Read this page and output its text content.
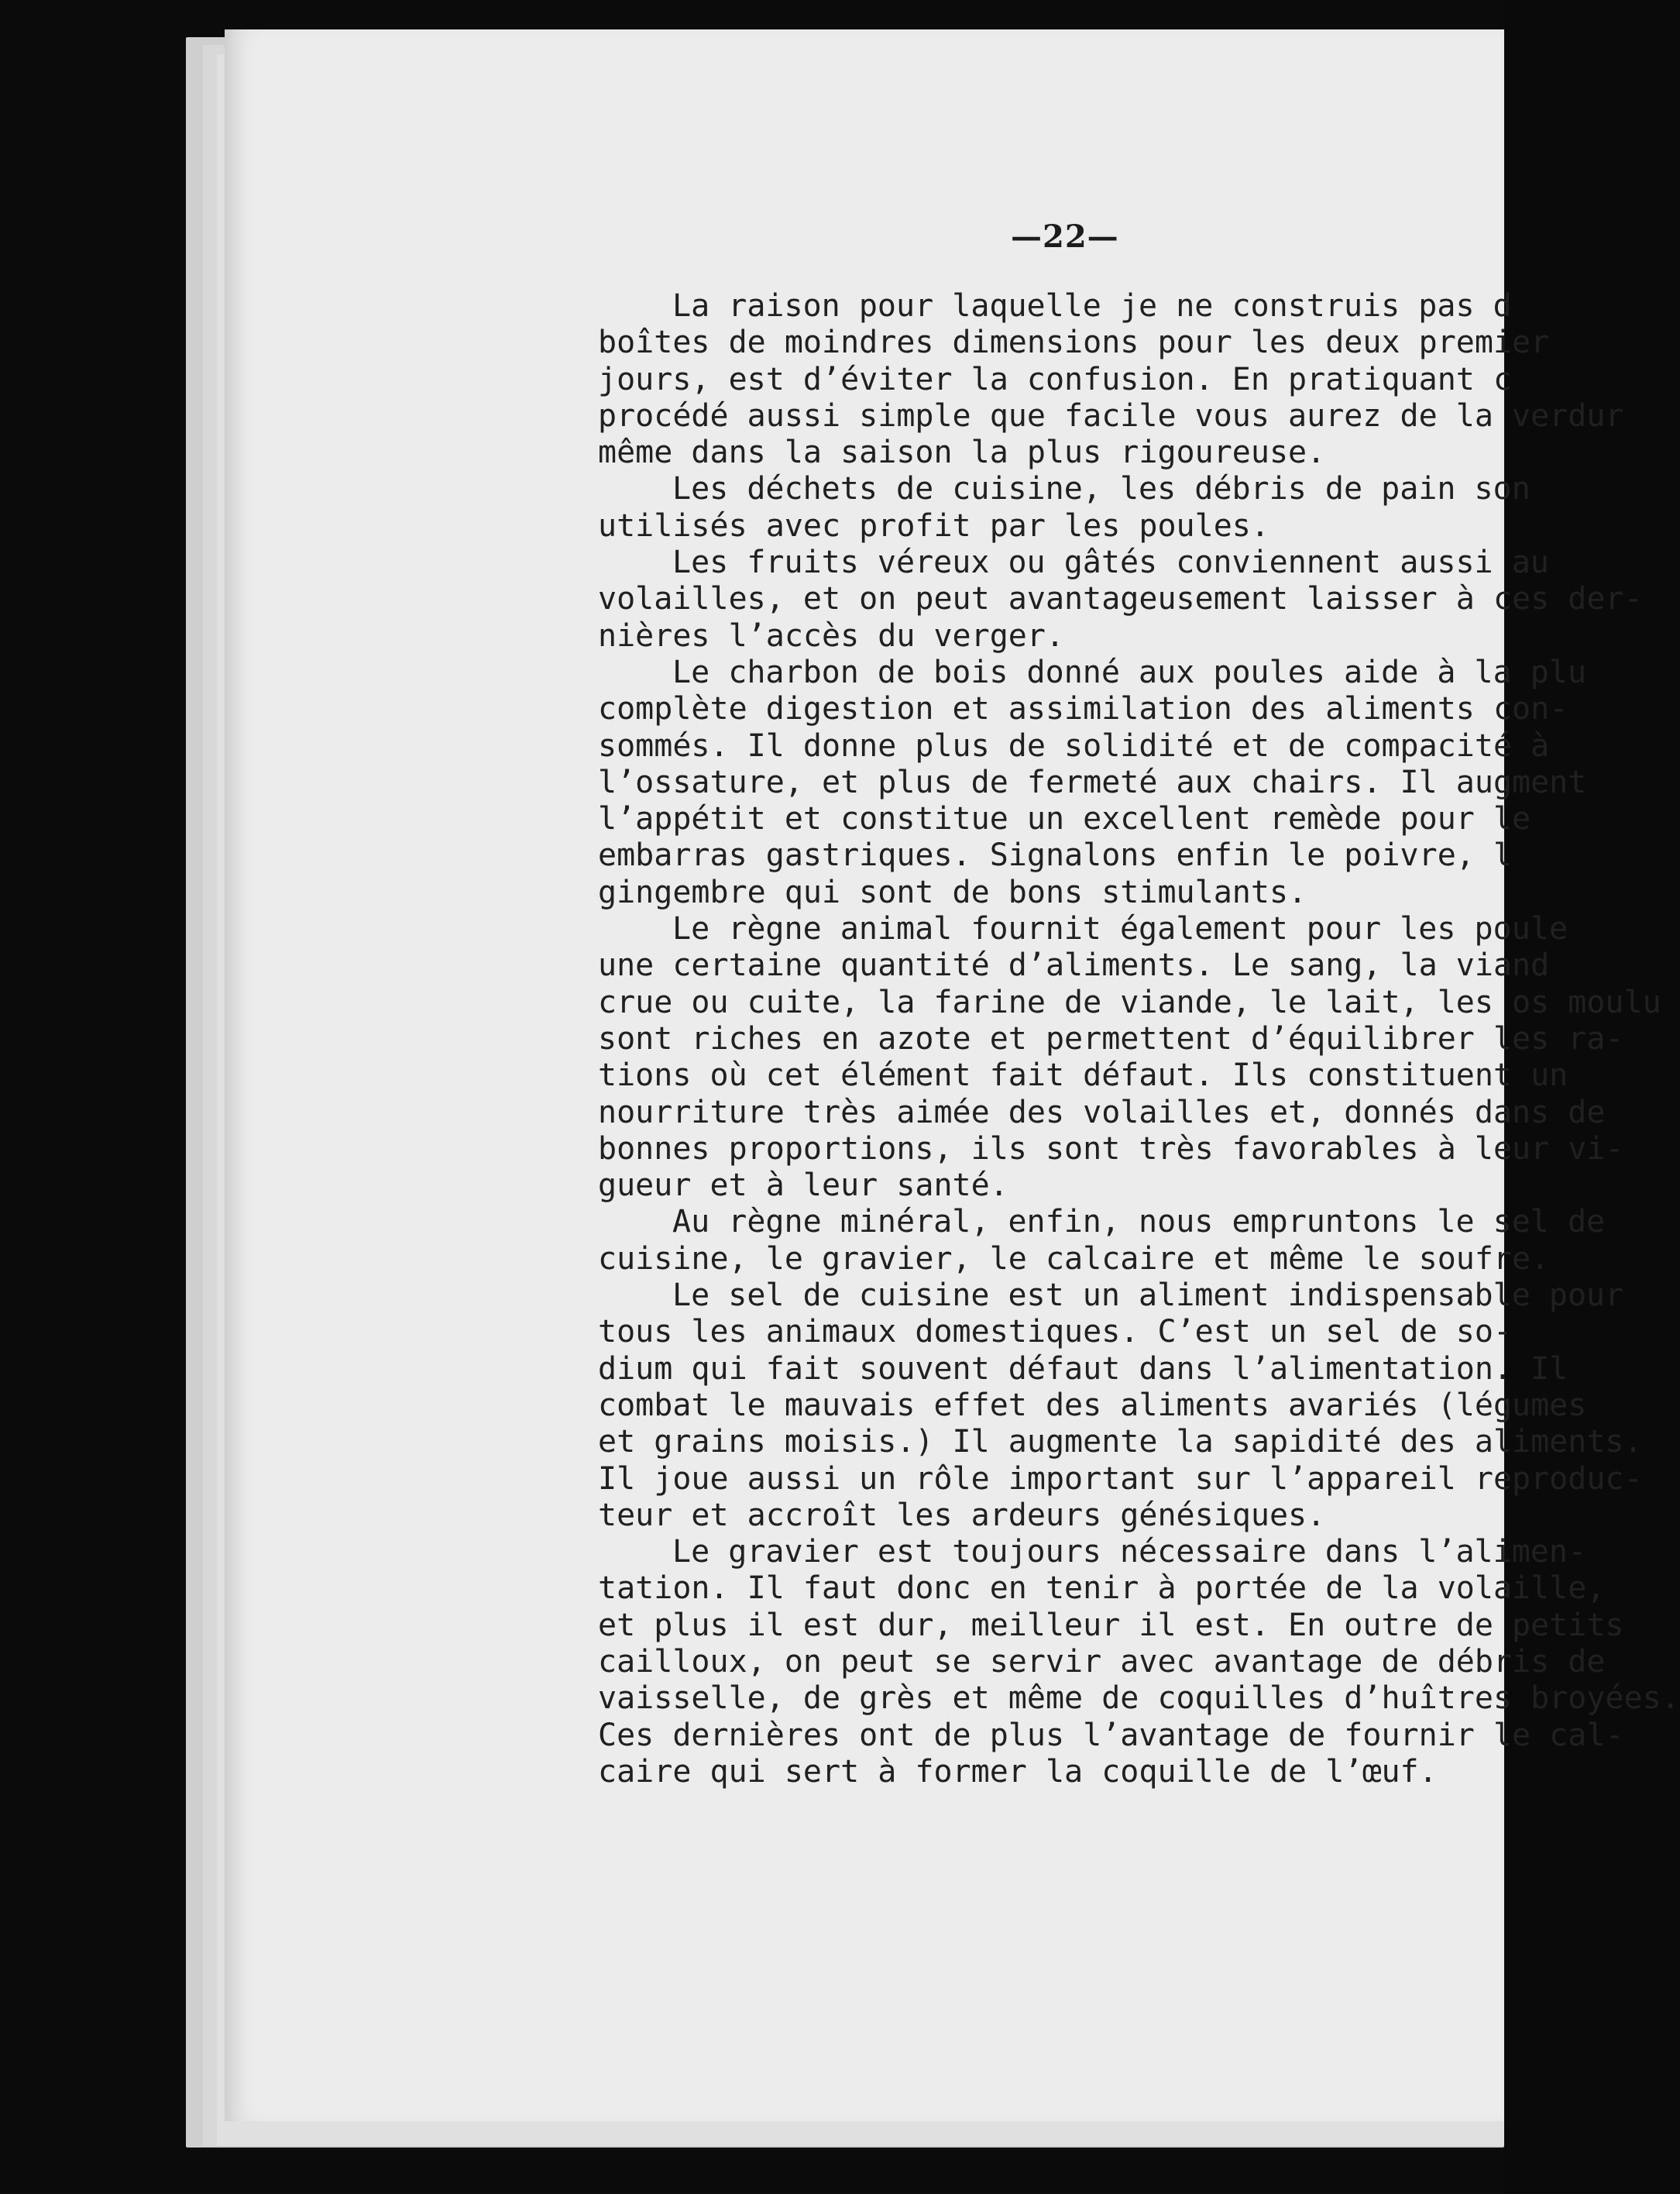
—22—
La raison pour laquelle je ne construis pas d
boîtes de moindres dimensions pour les deux premier
jours, est d’éviter la confusion. En pratiquant c
procédé aussi simple que facile vous aurez de la verdur
même dans la saison la plus rigoureuse.
Les déchets de cuisine, les débris de pain son
utilisés avec profit par les poules.
Les fruits véreux ou gâtés conviennent aussi au
volailles, et on peut avantageusement laisser à ces der-
nières l’accès du verger.
Le charbon de bois donné aux poules aide à la plu
complète digestion et assimilation des aliments con-
sommés. Il donne plus de solidité et de compacité à
l’ossature, et plus de fermeté aux chairs. Il augment
l’appétit et constitue un excellent remède pour le
embarras gastriques. Signalons enfin le poivre, l
gingembre qui sont de bons stimulants.
Le règne animal fournit également pour les poule
une certaine quantité d’aliments. Le sang, la viand
crue ou cuite, la farine de viande, le lait, les os moulu
sont riches en azote et permettent d’équilibrer les ra-
tions où cet élément fait défaut. Ils constituent un
nourriture très aimée des volailles et, donnés dans de
bonnes proportions, ils sont très favorables à leur vi-
gueur et à leur santé.
Au règne minéral, enfin, nous empruntons le sel de
cuisine, le gravier, le calcaire et même le soufre.
Le sel de cuisine est un aliment indispensable pour
tous les animaux domestiques. C’est un sel de so-
dium qui fait souvent défaut dans l’alimentation. Il
combat le mauvais effet des aliments avariés (légumes
et grains moisis.) Il augmente la sapidité des aliments.
Il joue aussi un rôle important sur l’appareil reproduc-
teur et accroît les ardeurs génésiques.
Le gravier est toujours nécessaire dans l’alimen-
tation. Il faut donc en tenir à portée de la volaille,
et plus il est dur, meilleur il est. En outre de petits
cailloux, on peut se servir avec avantage de débris de
vaisselle, de grès et même de coquilles d’huîtres broyées.
Ces dernières ont de plus l’avantage de fournir le cal-
caire qui sert à former la coquille de l’œuf.
